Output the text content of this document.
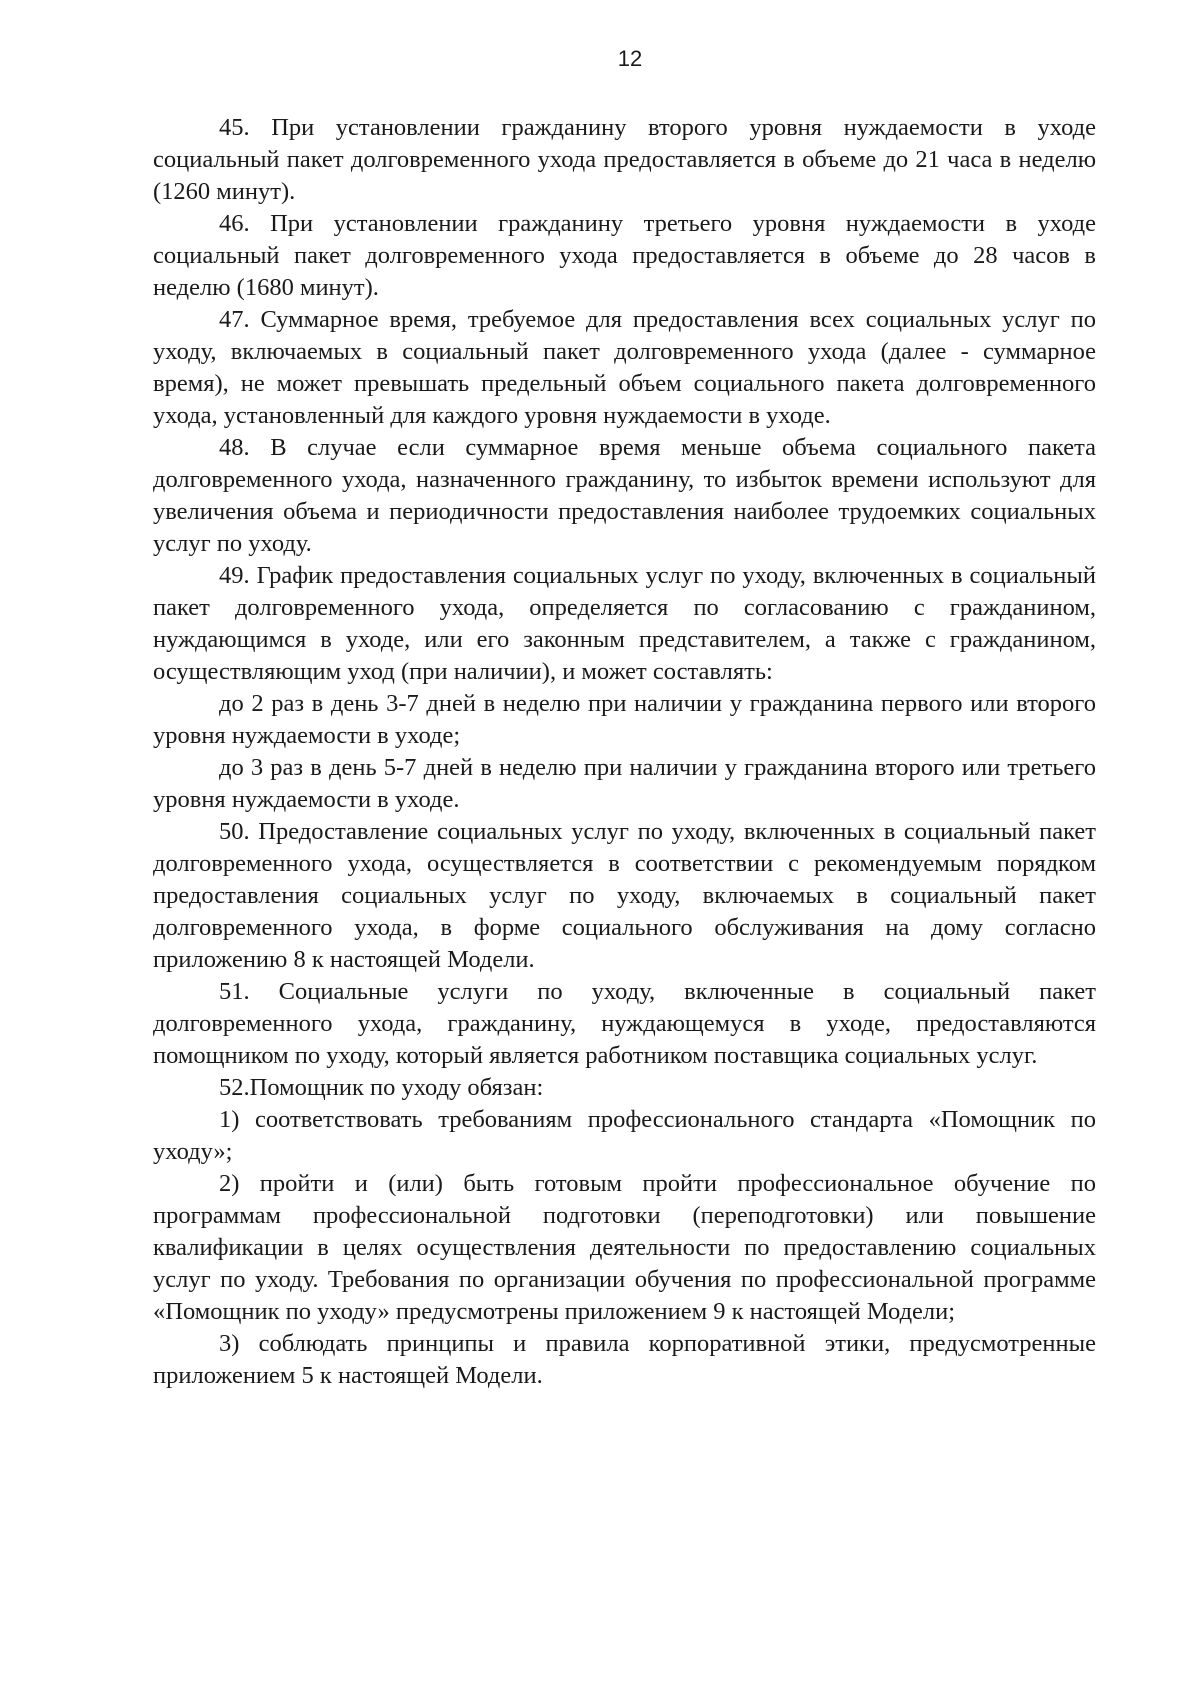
12

45. При установлении гражданину второго уровня нуждаемости в уходе социальный пакет долговременного ухода предоставляется в объеме до 21 часа в неделю (1260 минут).

46. При установлении гражданину третьего уровня нуждаемости в уходе социальный пакет долговременного ухода предоставляется в объеме до 28 часов в неделю (1680 минут).

47. Суммарное время, требуемое для предоставления всех социальных услуг по уходу, включаемых в социальный пакет долговременного ухода (далее - суммарное время), не может превышать предельный объем социального пакета долговременного ухода, установленный для каждого уровня нуждаемости в уходе.

48. В случае если суммарное время меньше объема социального пакета долговременного ухода, назначенного гражданину, то избыток времени используют для увеличения объема и периодичности предоставления наиболее трудоемких социальных услуг по уходу.

49. График предоставления социальных услуг по уходу, включенных в социальный пакет долговременного ухода, определяется по согласованию с гражданином, нуждающимся в уходе, или его законным представителем, а также с гражданином, осуществляющим уход (при наличии), и может составлять:

до 2 раз в день 3-7 дней в неделю при наличии у гражданина первого или второго уровня нуждаемости в уходе;

до 3 раз в день 5-7 дней в неделю при наличии у гражданина второго или третьего уровня нуждаемости в уходе.

50. Предоставление социальных услуг по уходу, включенных в социальный пакет долговременного ухода, осуществляется в соответствии с рекомендуемым порядком предоставления социальных услуг по уходу, включаемых в социальный пакет долговременного ухода, в форме социального обслуживания на дому согласно приложению 8 к настоящей Модели.

51. Социальные услуги по уходу, включенные в социальный пакет долговременного ухода, гражданину, нуждающемуся в уходе, предоставляются помощником по уходу, который является работником поставщика социальных услуг.

52.Помощник по уходу обязан:

1) соответствовать требованиям профессионального стандарта «Помощник по уходу»;

2) пройти и (или) быть готовым пройти профессиональное обучение по программам профессиональной подготовки (переподготовки) или повышение квалификации в целях осуществления деятельности по предоставлению социальных услуг по уходу. Требования по организации обучения по профессиональной программе «Помощник по уходу» предусмотрены приложением 9 к настоящей Модели;

3) соблюдать принципы и правила корпоративной этики, предусмотренные приложением 5 к настоящей Модели.
